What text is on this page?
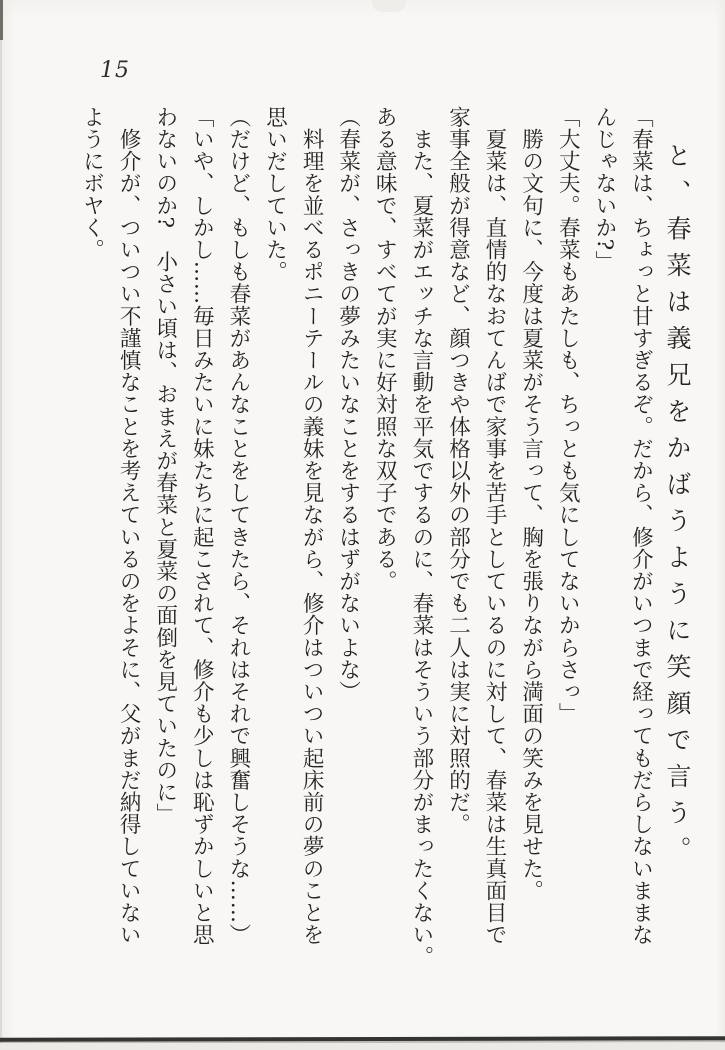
15
　と、春菜は義兄をかばうように笑顔で言う。
「春菜は、ちょっと甘すぎるぞ。だから、修介がいつまで経ってもだらしないままな
んじゃないか?」
「大丈夫。春菜もあたしも、ちっとも気にしてないからさっ」
　勝の文句に、今度は夏菜がそう言って、胸を張りながら満面の笑みを見せた。
　夏菜は、直情的なおてんばで家事を苦手としているのに対して、春菜は生真面目で
家事全般が得意など、顔つきや体格以外の部分でも二人は実に対照的だ。
　また、夏菜がエッチな言動を平気でするのに、春菜はそういう部分がまったくない。
ある意味で、すべてが実に好対照な双子である。
（春菜が、さっきの夢みたいなことをするはずがないよな）
　料理を並べるポニーテールの義妹を見ながら、修介はついつい起床前の夢のことを
思いだしていた。
（だけど、もしも春菜があんなことをしてきたら、それはそれで興奮しそうな……）
「いや、しかし……毎日みたいに妹たちに起こされて、修介も少しは恥ずかしいと思
わないのか?　小さい頃は、おまえが春菜と夏菜の面倒を見ていたのに」
　修介が、ついつい不謹慎なことを考えているのをよそに、父がまだ納得していない
ようにボヤく。
